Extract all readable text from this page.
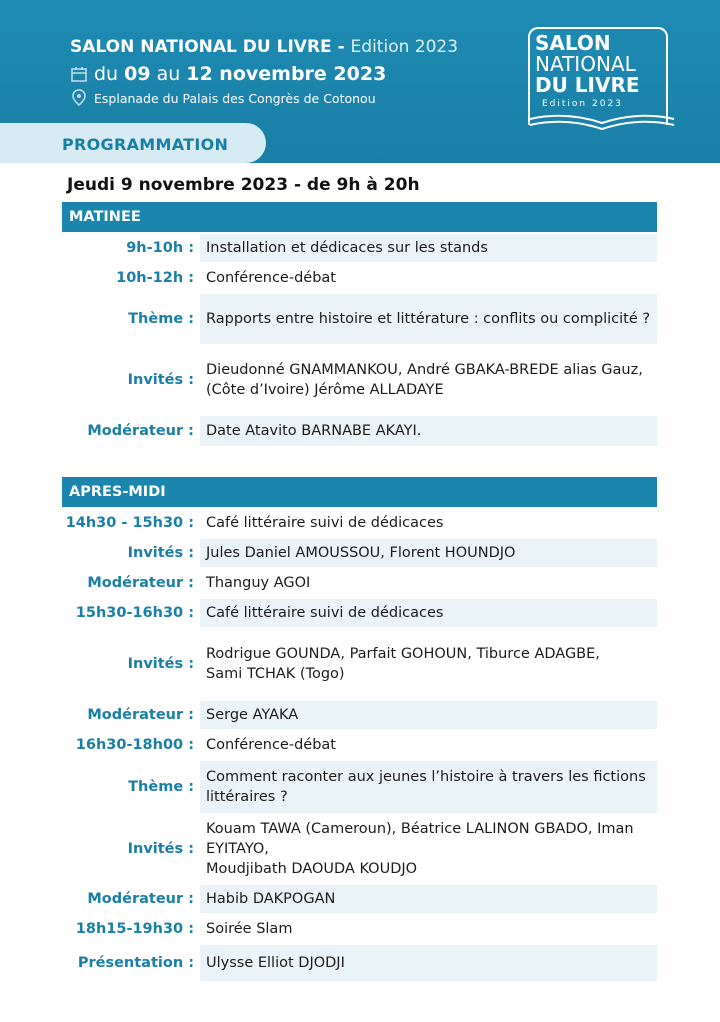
SALON NATIONAL DU LIVRE - Edition 2023
du 09 au 12 novembre 2023
Esplanade du Palais des Congrès de Cotonou
SALON
NATIONAL
DU LIVRE
Edition 2023
PROGRAMMATION
Jeudi 9 novembre 2023 - de 9h à 20h
MATINEE
9h-10h : Installation et dédicaces sur les stands
10h-12h : Conférence-débat
Thème : Rapports entre histoire et littérature : conflits ou complicité ?
Invités :
Dieudonné GNAMMANKOU, André GBAKA-BREDE alias Gauz, (Côte d’Ivoire) Jérôme ALLADAYE
Modérateur : Date Atavito BARNABE AKAYI.
APRES-MIDI
14h30 - 15h30 : Café littéraire suivi de dédicaces
Invités : Jules Daniel AMOUSSOU, Florent HOUNDJO
Modérateur : Thanguy AGOI
15h30-16h30 : Café littéraire suivi de dédicaces
Invités :
Rodrigue GOUNDA, Parfait GOHOUN, Tiburce ADAGBE,
Sami TCHAK (Togo)
Modérateur : Serge AYAKA
16h30-18h00 : Conférence-débat
Thème :
Comment raconter aux jeunes l’histoire à travers les fictions littéraires ?
Invités :
Kouam TAWA (Cameroun), Béatrice LALINON GBADO, Iman EYITAYO,
Moudjibath DAOUDA KOUDJO
Modérateur : Habib DAKPOGAN
18h15-19h30 : Soirée Slam
Présentation : Ulysse Elliot DJODJI
